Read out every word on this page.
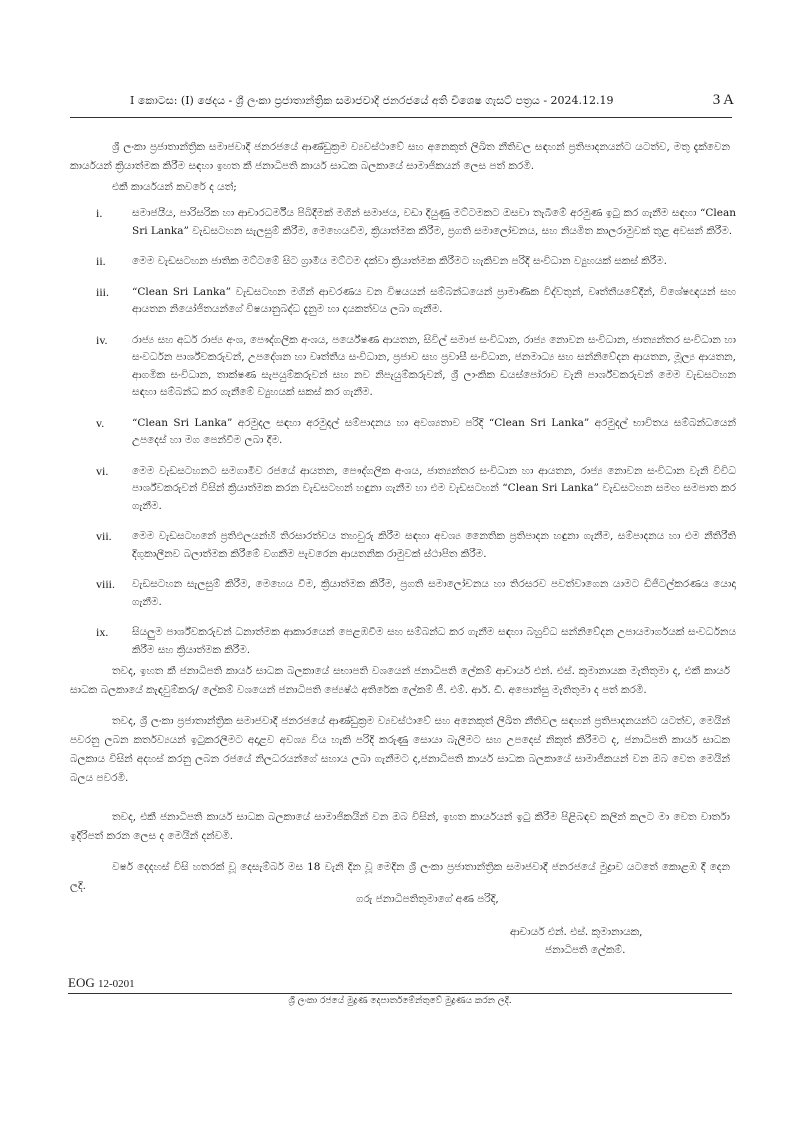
I කොටස: (I) ඡෙදය - ශ්‍රී ලංකා ප්‍රජාතාන්ත්‍රික සමාජවාදී ජනරජයේ අති විශෙෂ ගැසට් පත්‍රය - 2024.12.19	3 A

ශ්‍රී ලංකා ප්‍රජාතාන්ත්‍රික සමාජවාදී ජනරජයේ ආණ්ඩුක්‍රම ව්‍යවස්ථාවේ සහ අනෙකුත් ලිඛිත නීතිවල සඳහන් ප්‍රතිපාදනයන්ට යටත්ව, මතු දැක්වෙන කාර්යයන් ක්‍රියාත්මක කිරීම සඳහා ඉහත කී ජනාධිපති කාර්ය සාධක බලකායේ සාමාජිකයන් ලෙස පත් කරමි.

එකී කාර්යයන් කවරේ ද යත්;

i.	සමාජයීය, පාරිසරික හා ආචාරධර්මීය පිබිදීමක් මගින් සමාජය, වඩා දියුණු මට්ටමකට ඔසවා තැබීමේ අරමුණ ඉටු කර ගැනීම සඳහා “Clean Sri Lanka” වැඩසටහන සැලසුම් කිරීම, මෙහෙයවීම, ක්‍රියාත්මක කිරීම, ප්‍රගති සමාලෝචනය, සහ නියමිත කාලරාමුවක් තුළ අවසන් කිරීම.
ii.	මෙම වැඩසටහන ජාතික මට්ටමේ සිට ග්‍රාමීය මට්ටම දක්වා ක්‍රියාත්මක කිරීමට හැකිවන පරිදි සංවිධාන ව්‍යුහයක් සකස් කිරීම.
iii. “Clean Sri Lanka” වැඩසටහන මගින් ආවරණය වන විෂයයන් සම්බන්ධයෙන් ප්‍රාමාණික විද්වතුන්, වෘත්තීයවේදීන්, විශේෂඥයන් සහ ආයතන නියෝජිතයන්ගේ විෂයානුබද්ධ දැනුම හා දායකත්වය ලබා ගැනීම.
iv. රාජ්‍ය සහ අර්ධ රාජ්‍ය අංශ, පෞද්ගලික අංශය, පර්යේෂණ ආයතන, සිවිල් සමාජ සංවිධාන, රාජ්‍ය නොවන සංවිධාන, ජාත්‍යන්තර සංවිධාන හා සංවර්ධන පාර්ශ්වකරුවන්, උපදේශන හා වෘත්තීය සංවිධාන, ප්‍රජාව සහ ප්‍රවාසී සංවිධාන, ජනමාධ්‍ය සහ සන්නිවේදන ආයතන, මූල්‍ය ආයතන, ආගමික සංවිධාන, තාක්ෂණ සැපයුම්කරුවන් සහ නව නිපැයුම්කරුවන්, ශ්‍රී ලාංකික ඩයස්පෝරාව වැනි පාර්ශ්වකරුවන් මෙම වැඩසටහන සඳහා සම්බන්ධ කර ගැනීමේ ව්‍යුහයක් සකස් කර ගැනීම.
v.	“Clean Sri Lanka” අරමුදල සඳහා අරමුදල් සම්පාදනය හා අවශ්‍යතාව පරිදි “Clean Sri Lanka” අරමුදල් භාවිතය සම්බන්ධයෙන් උපදෙස් හා මග පෙන්වීම ලබා දීම.
vi. මෙම වැඩසටහනට සමගාමීව රජයේ ආයතන, පෞද්ගලික අංශය, ජාත්‍යන්තර සංවිධාන හා ආයතන, රාජ්‍ය නොවන සංවිධාන වැනි විවිධ පාර්ශ්වකරුවන් විසින් ක්‍රියාත්මක කරන වැඩසටහන් හඳුනා ගැනීම හා එම වැඩසටහන් “Clean Sri Lanka” වැඩසටහන සමඟ සමපාත කර ගැනීම.
vii. මෙම වැඩසටහනේ ප්‍රතිඵලයන්හි තිරසාරත්වය තහවුරු කිරීම සඳහා අවශ්‍ය නෛතික ප්‍රතිපාදන හඳුනා ගැනීම, සම්පාදනය හා එම නීතිරීති දිගුකාලීනව බලාත්මක කිරීමේ වගකීම පැවරෙන ආයතනික රාමුවක් ස්ථාපිත කිරීම.
viii. වැඩසටහන සැලසුම් කිරීම, මෙහෙය වීම, ක්‍රියාත්මක කිරීම, ප්‍රගති සමාලෝචනය හා තිරසරව පවත්වාගෙන යාමට ඩිජිටල්කරණය යොදා ගැනීම.
ix. සියලුම පාර්ශ්වකරුවන් ධනාත්මක ආකාරයෙන් පෙළඹවීම සහ සම්බන්ධ කර ගැනීම සඳහා බහුවිධ සන්නිවේදන උපායමාර්ගයක් සංවර්ධනය කිරීම සහ ක්‍රියාත්මක කිරීම.

තවද, ඉහත කී ජනාධිපති කාර්ය සාධක බලකායේ සභාපති වශයෙන් ජනාධිපති ලේකම් ආචාර්ය එන්. එස්. කුමානායක මැතිතුමා ද, එකී කාර්ය සාධක බලකායේ කැඳවුම්කරු/ ලේකම් වශයෙන් ජනාධිපති ජ්‍යෙෂ්ඨ අතිරේක ලේකම් ජී. එම්. ආර්. ඩී. අපොන්සු මැතිතුමා ද පත් කරමි.

තවද, ශ්‍රී ලංකා ප්‍රජාතාන්ත්‍රික සමාජවාදී ජනරජයේ ආණ්ඩුක්‍රම ව්‍යවස්ථාවේ සහ අනෙකුත් ලිඛිත නීතිවල සඳහන් ප්‍රතිපාදනයන්ට යටත්ව, මෙයින් පවරනු ලබන කර්තව්‍යයන් ඉටුකරලීමට අදාළව අවශ්‍ය විය හැකි පරිදි කරුණු සොයා බැලීමට සහ උපදෙස් නිකුත් කිරීමට ද, ජනාධිපති කාර්ය සාධක බලකාය විසින් අදහස් කරනු ලබන රජයේ නිලධරයන්ගේ සහාය ලබා ගැනීමට ද,ජනාධිපති කාර්ය සාධක බලකායේ සාමාජිකයන් වන ඔබ වෙත මෙයින් බලය පවරමි.

තවද, එකී ජනාධිපති කාර්ය සාධක බලකායේ සාමාජිකයින් වන ඔබ විසින්, ඉහත කාර්යයන් ඉටු කිරීම පිළිබඳව කලින් කලට මා වෙත වාර්තා ඉදිරිපත් කරන ලෙස ද මෙයින් දන්වමි.

වර්ෂ දෙදහස් විසි හතරක් වූ දෙසැම්බර් මස 18 වැනි දින වූ මෙදින ශ්‍රී ලංකා ප්‍රජාතාන්ත්‍රික සමාජවාදී ජනරජයේ මුද්‍රාව යටතේ කොළඹ දී දෙන ලදි.

ගරු ජනාධිපතිතුමාගේ අණ පරිදි,
ආචාර්ය එන්. එස්. කුමානායක,
ජනාධිපති ලේකම්.
EOG 12-0201
ශ්‍රී ලංකා රජයේ මුද්‍රණ දෙපාර්තමේන්තුවේ මුද්‍රණය කරන ලදී.
